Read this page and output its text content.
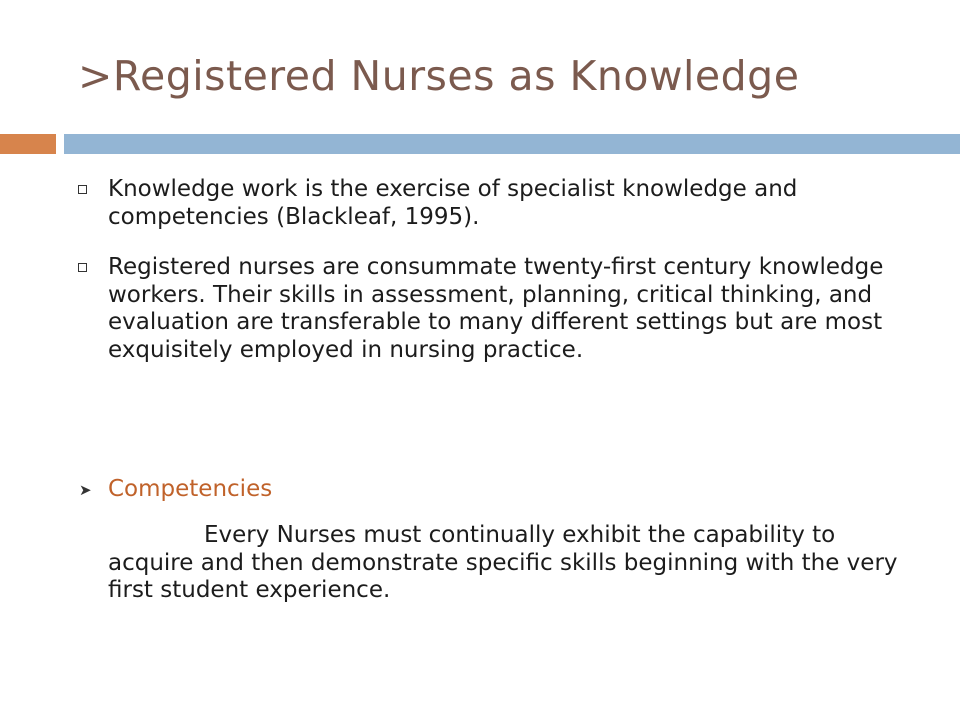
>Registered Nurses as Knowledge
Knowledge work is the exercise of specialist knowledge and competencies (Blackleaf, 1995).
Registered nurses are consummate twenty-first century knowledge workers. Their skills in assessment, planning, critical thinking, and evaluation are transferable to many different settings but are most exquisitely employed in nursing practice.
➤ Competencies
Every Nurses must continually exhibit the capability to acquire and then demonstrate specific skills beginning with the very first student experience.
